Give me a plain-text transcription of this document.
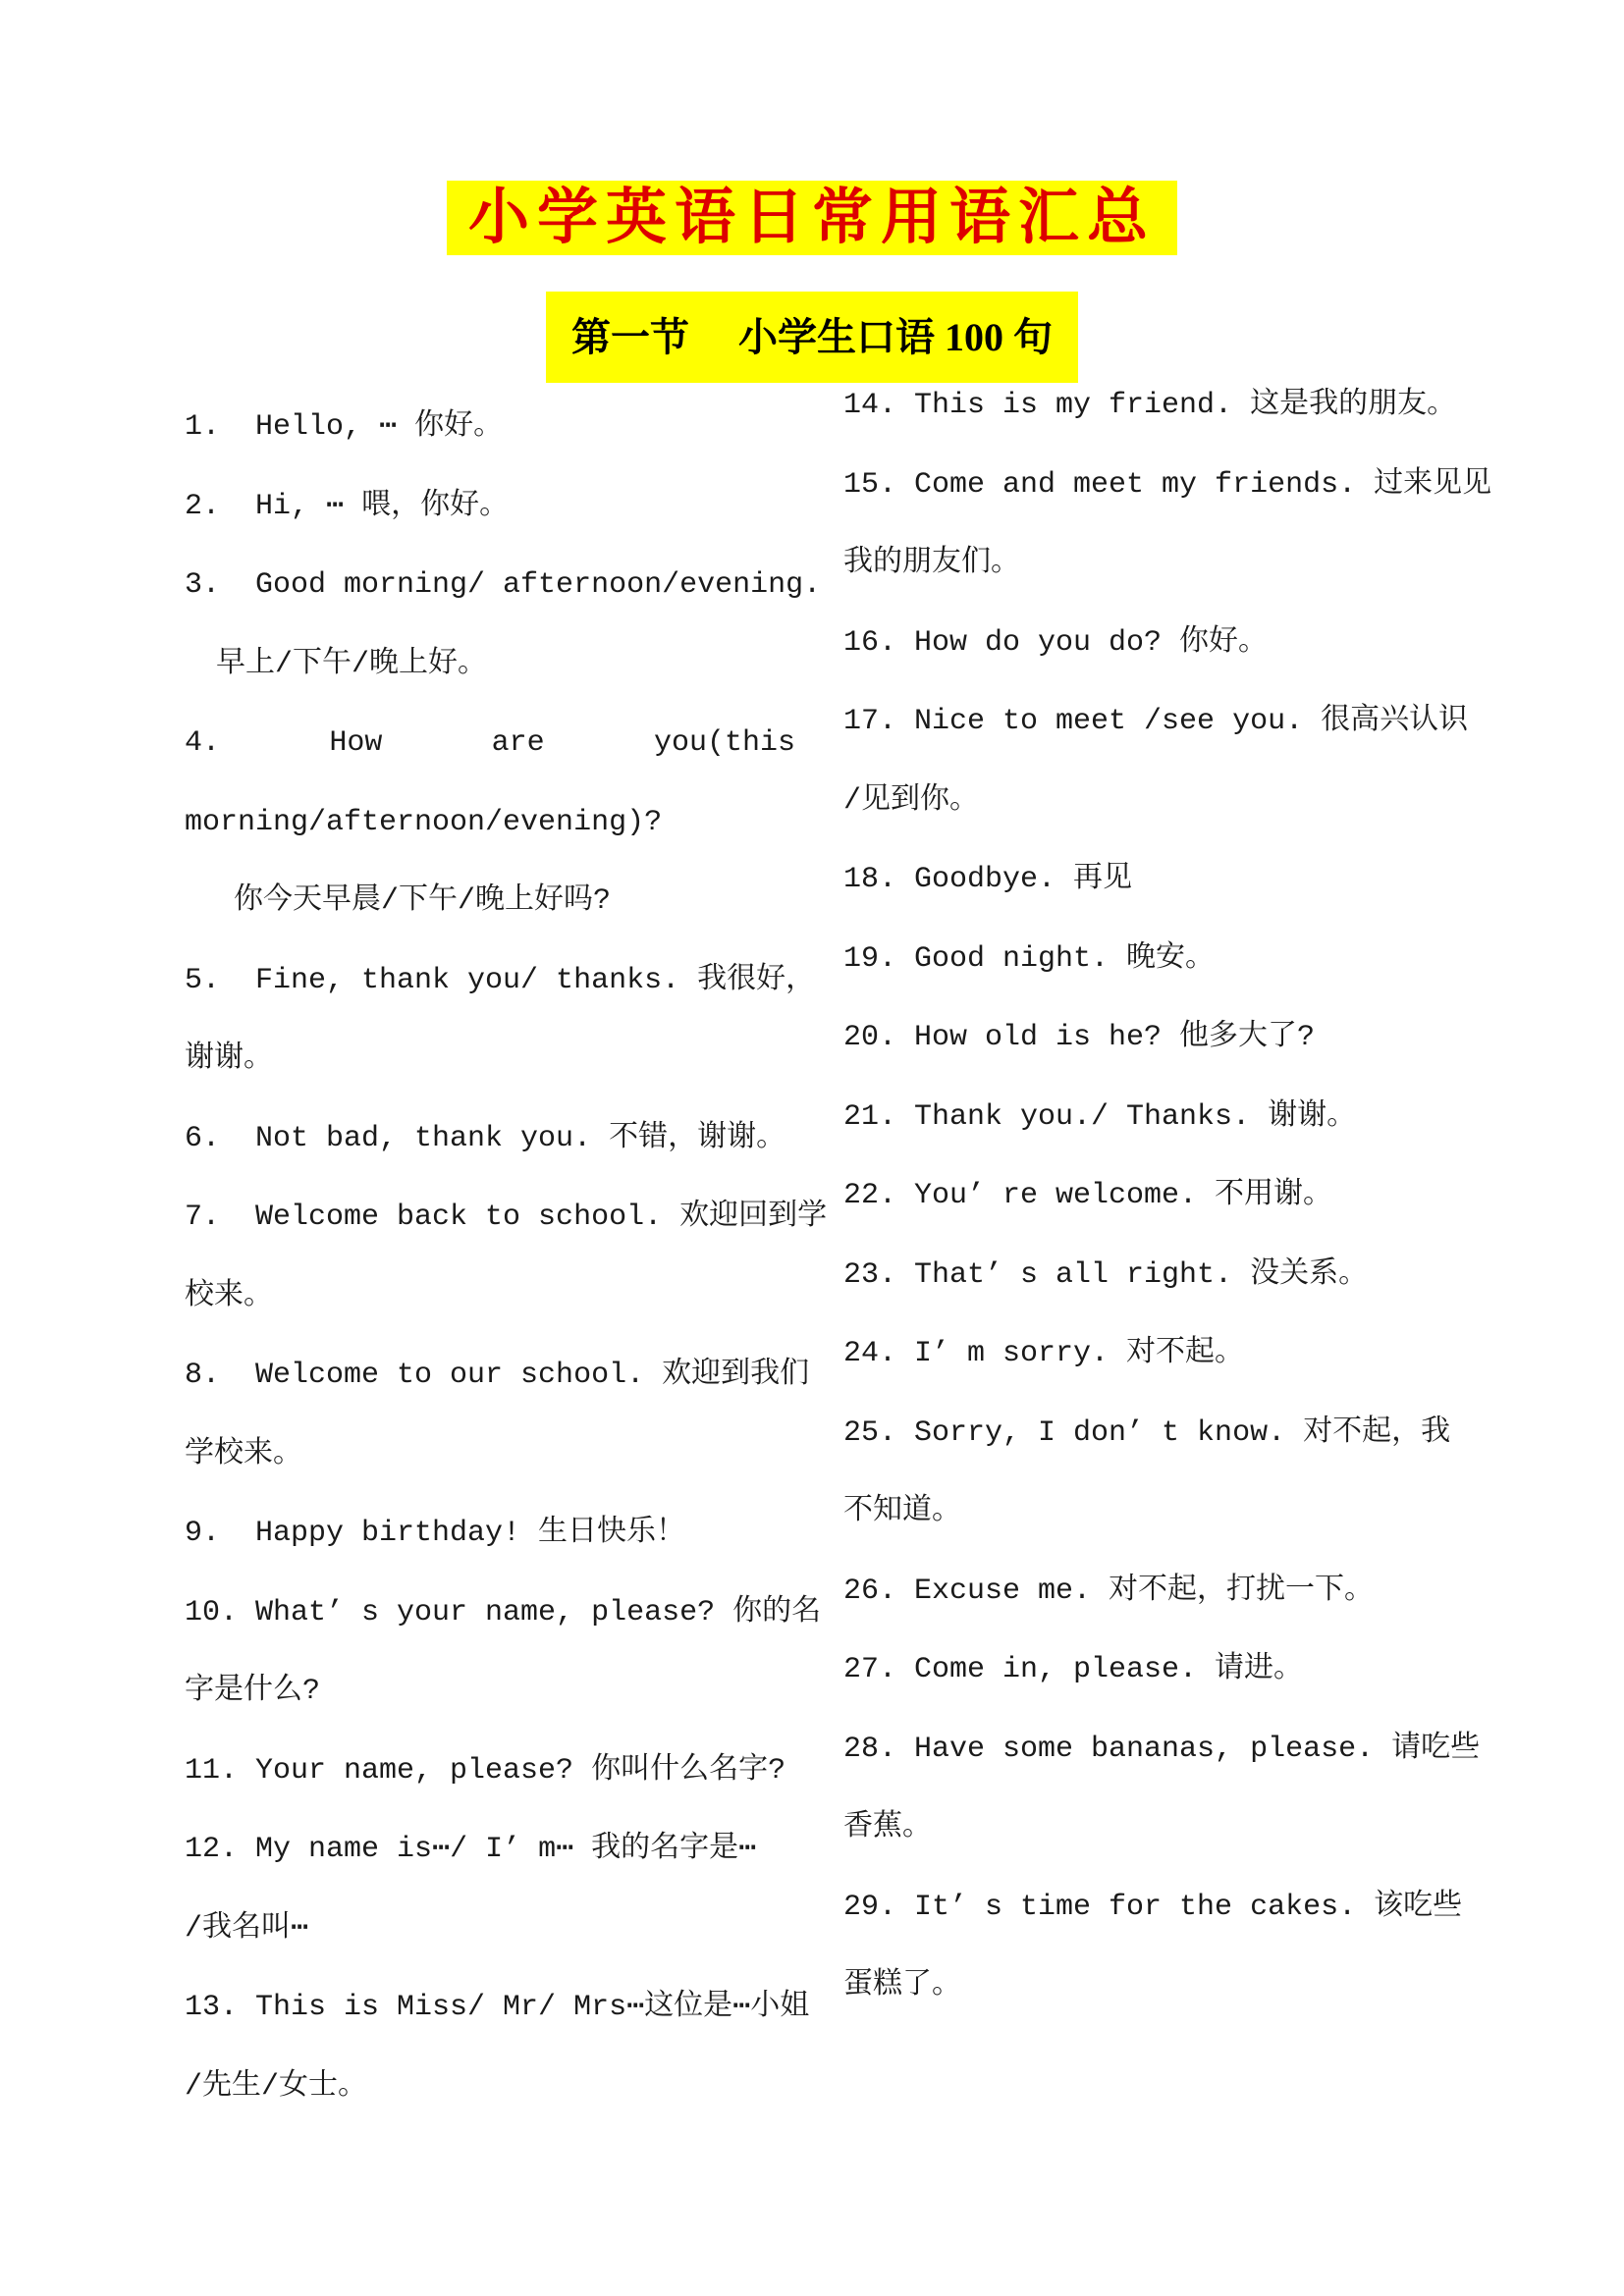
小学英语日常用语汇总
第一节　 小学生口语 100 句
1.  Hello, ⋯ 你好。
2.  Hi, ⋯ 喂，你好。
3.  Good morning/ afternoon/evening.
早上/下午/晚上好。
4.	How	are	you(this
morning/afternoon/evening)?
你今天早晨/下午/晚上好吗?
5.  Fine, thank you/ thanks. 我很好，
谢谢。
6.  Not bad, thank you. 不错，谢谢。
7.  Welcome back to school. 欢迎回到学
校来。
8.  Welcome to our school. 欢迎到我们
学校来。
9.  Happy birthday! 生日快乐！
10. What’ s your name, please? 你的名
字是什么?
11. Your name, please? 你叫什么名字?
12. My name is⋯/ I’ m⋯ 我的名字是⋯
/我名叫⋯
13. This is Miss/ Mr/ Mrs⋯这位是⋯小姐
/先生/女士。
14. This is my friend. 这是我的朋友。
15. Come and meet my friends. 过来见见
我的朋友们。
16. How do you do? 你好。
17. Nice to meet /see you. 很高兴认识
/见到你。
18. Goodbye. 再见
19. Good night. 晚安。
20. How old is he? 他多大了?
21. Thank you./ Thanks. 谢谢。
22. You’ re welcome. 不用谢。
23. That’ s all right. 没关系。
24. I’ m sorry. 对不起。
25. Sorry, I don’ t know. 对不起，我
不知道。
26. Excuse me. 对不起，打扰一下。
27. Come in, please. 请进。
28. Have some bananas, please. 请吃些
香蕉。
29. It’ s time for the cakes. 该吃些
蛋糕了。
